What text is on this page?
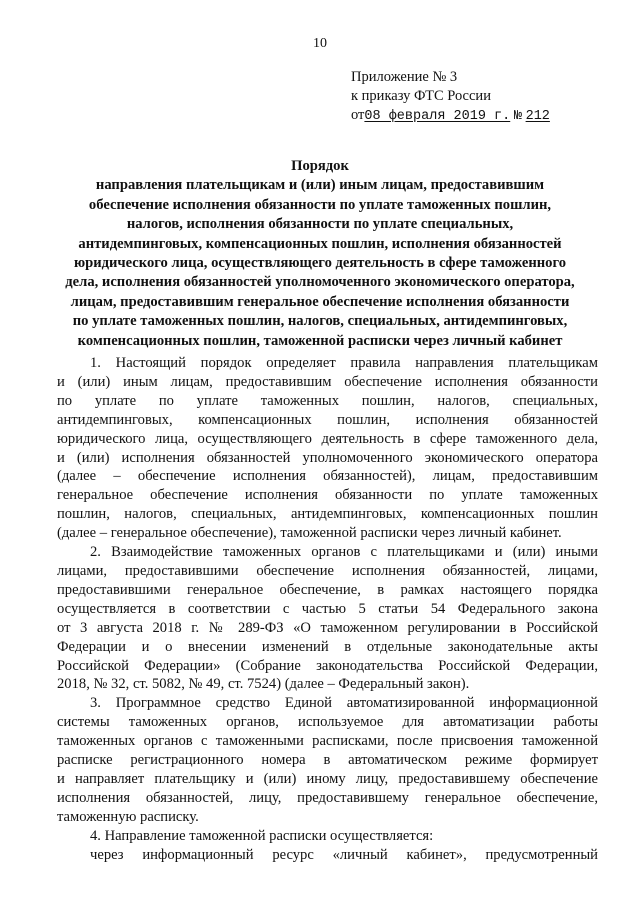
10
Приложение № 3
к приказу ФТС России
от08 февраля 2019 г. № 212
Порядок
направления плательщикам и (или) иным лицам, предоставившим
обеспечение исполнения обязанности по уплате таможенных пошлин,
налогов, исполнения обязанности по уплате специальных,
антидемпинговых, компенсационных пошлин, исполнения обязанностей
юридического лица, осуществляющего деятельность в сфере таможенного
дела, исполнения обязанностей уполномоченного экономического оператора,
лицам, предоставившим генеральное обеспечение исполнения обязанности
по уплате таможенных пошлин, налогов, специальных, антидемпинговых,
компенсационных пошлин, таможенной расписки через личный кабинет

1. Настоящий порядок определяет правила направления плательщикам
и (или) иным лицам, предоставившим обеспечение исполнения обязанности
по уплате по уплате таможенных пошлин, налогов, специальных,
антидемпинговых, компенсационных пошлин, исполнения обязанностей
юридического лица, осуществляющего деятельность в сфере таможенного дела,
и (или) исполнения обязанностей уполномоченного экономического оператора
(далее – обеспечение исполнения обязанностей), лицам, предоставившим
генеральное обеспечение исполнения обязанности по уплате таможенных
пошлин, налогов, специальных, антидемпинговых, компенсационных пошлин
(далее – генеральное обеспечение), таможенной расписки через личный кабинет.

2. Взаимодействие таможенных органов с плательщиками и (или) иными
лицами, предоставившими обеспечение исполнения обязанностей, лицами,
предоставившими генеральное обеспечение, в рамках настоящего порядка
осуществляется в соответствии с частью 5 статьи 54 Федерального закона
от 3 августа 2018 г. № 289-ФЗ «О таможенном регулировании в Российской
Федерации и о внесении изменений в отдельные законодательные акты
Российской Федерации» (Собрание законодательства Российской Федерации,
2018, № 32, ст. 5082, № 49, ст. 7524) (далее – Федеральный закон).

3. Программное средство Единой автоматизированной информационной
системы таможенных органов, используемое для автоматизации работы
таможенных органов с таможенными расписками, после присвоения таможенной
расписке регистрационного номера в автоматическом режиме формирует
и направляет плательщику и (или) иному лицу, предоставившему обеспечение
исполнения обязанностей, лицу, предоставившему генеральное обеспечение,
таможенную расписку.

4. Направление таможенной расписки осуществляется:

через информационный ресурс «личный кабинет», предусмотренный
